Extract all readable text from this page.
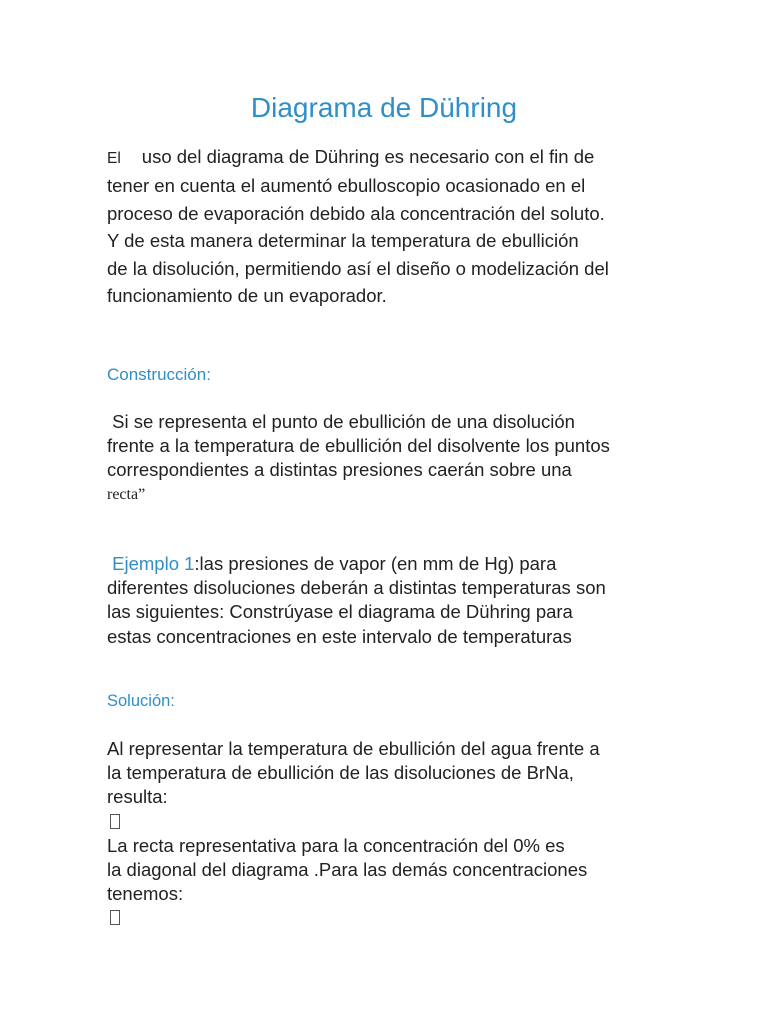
Diagrama de Dühring

El uso del diagrama de Dühring es necesario con el fin de
tener en cuenta el aumentó ebulloscopio ocasionado en el
proceso de evaporación debido ala concentración del soluto.
Y de esta manera determinar la temperatura de ebullición
de la disolución, permitiendo así el diseño o modelización del
funcionamiento de un evaporador.

Construcción:

Si se representa el punto de ebullición de una disolución
frente a la temperatura de ebullición del disolvente los puntos
correspondientes a distintas presiones caerán sobre una
recta”

Ejemplo 1:las presiones de vapor (en mm de Hg) para
diferentes disoluciones deberán a distintas temperaturas son
las siguientes: Constrúyase el diagrama de Dühring para
estas concentraciones en este intervalo de temperaturas

Solución:

Al representar la temperatura de ebullición del agua frente a
la temperatura de ebullición de las disoluciones de BrNa,
resulta:
La recta representativa para la concentración del 0% es
la diagonal del diagrama .Para las demás concentraciones
tenemos:
